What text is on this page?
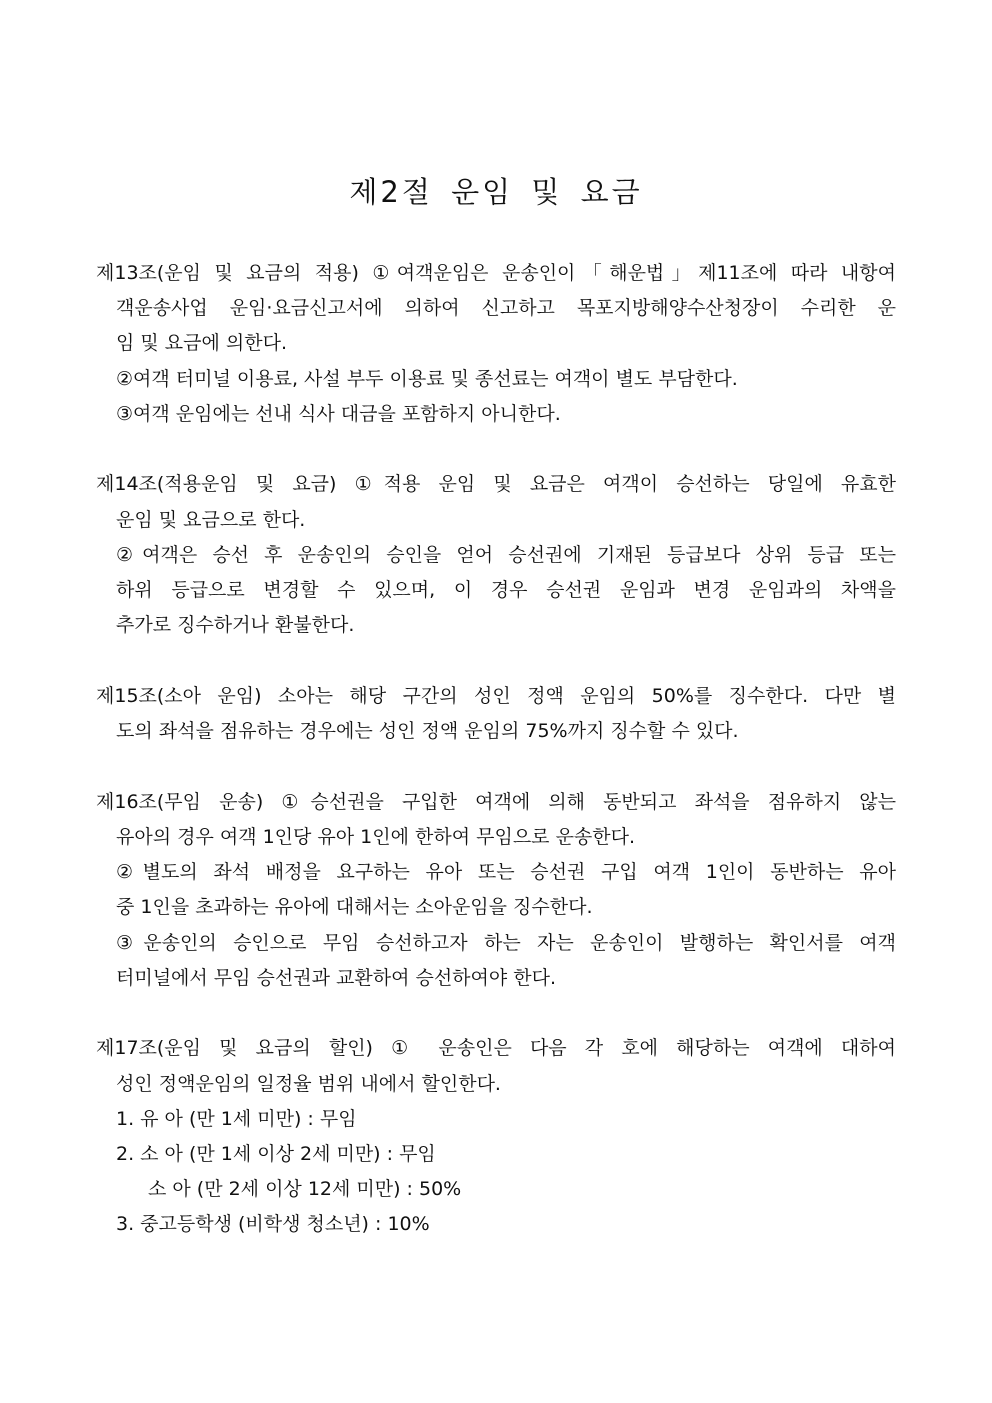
제2절 운임 및 요금
제13조(운임 및 요금의 적용) ①여객운임은 운송인이「해운법」제11조에 따라 내항여
객운송사업 운임·요금신고서에 의하여 신고하고 목포지방해양수산청장이 수리한 운
임 및 요금에 의한다.
②여객 터미널 이용료, 사설 부두 이용료 및 종선료는 여객이 별도 부담한다.
③여객 운임에는 선내 식사 대금을 포함하지 아니한다.
제14조(적용운임 및 요금) ①적용 운임 및 요금은 여객이 승선하는 당일에 유효한
운임 및 요금으로 한다.
②여객은 승선 후 운송인의 승인을 얻어 승선권에 기재된 등급보다 상위 등급 또는
하위 등급으로 변경할 수 있으며, 이 경우 승선권 운임과 변경 운임과의 차액을
추가로 징수하거나 환불한다.
제15조(소아 운임) 소아는 해당 구간의 성인 정액 운임의 50%를 징수한다. 다만 별
도의 좌석을 점유하는 경우에는 성인 정액 운임의 75%까지 징수할 수 있다.
제16조(무임 운송) ①승선권을 구입한 여객에 의해 동반되고 좌석을 점유하지 않는
유아의 경우 여객 1인당 유아 1인에 한하여 무임으로 운송한다.
②별도의 좌석 배정을 요구하는 유아 또는 승선권 구입 여객 1인이 동반하는 유아
중 1인을 초과하는 유아에 대해서는 소아운임을 징수한다.
③운송인의 승인으로 무임 승선하고자 하는 자는 운송인이 발행하는 확인서를 여객
터미널에서 무임 승선권과 교환하여 승선하여야 한다.
제17조(운임 및 요금의 할인) ① 운송인은 다음 각 호에 해당하는 여객에 대하여
성인 정액운임의 일정율 범위 내에서 할인한다.
1. 유 아 (만 1세 미만) : 무임
2. 소 아 (만 1세 이상 2세 미만) : 무임
소 아 (만 2세 이상 12세 미만) : 50%
3. 중고등학생 (비학생 청소년) : 10%
